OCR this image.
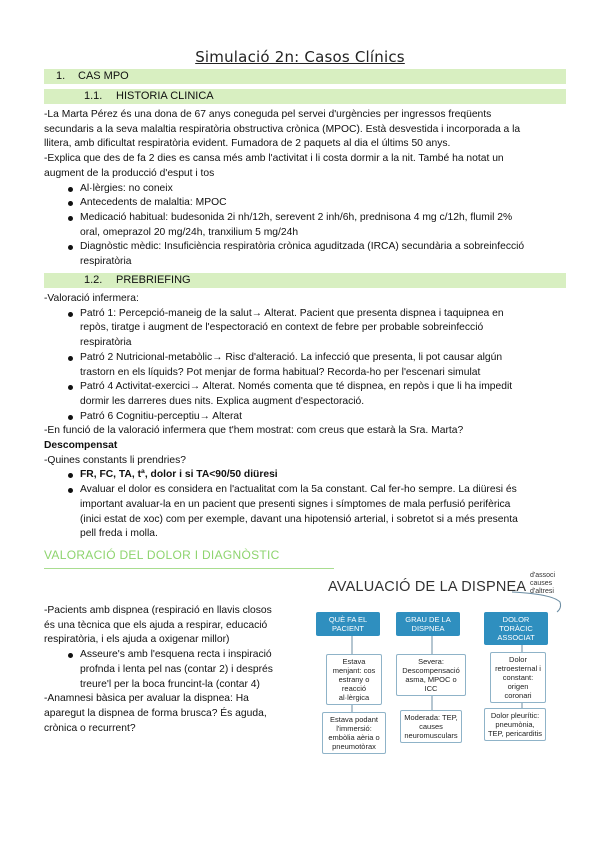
Simulació 2n: Casos Clínics
1. CAS MPO
1.1. HISTORIA CLINICA
-La Marta Pérez és una dona de 67 anys coneguda pel servei d'urgències per ingressos freqüents
secundaris a la seva malaltia respiratòria obstructiva crònica (MPOC). Està desvestida i incorporada a la
llitera, amb dificultat respiratòria evident. Fumadora de 2 paquets al dia el últims 50 anys.
-Explica que des de fa 2 dies es cansa més amb l'activitat i li costa dormir a la nit. També ha notat un
augment de la producció d'esput i tos
Al·lèrgies: no coneix
Antecedents de malaltia: MPOC
Medicació habitual: budesonida 2i nh/12h, serevent 2 inh/6h, prednisona 4 mg c/12h, flumil 2%
oral, omeprazol 20 mg/24h, tranxilium 5 mg/24h
Diagnòstic mèdic: Insuficiència respiratòria crònica aguditzada (IRCA) secundària a sobreinfecció
respiratòria
1.2. PREBRIEFING
-Valoració infermera:
Patró 1: Percepció-maneig de la salut→ Alterat. Pacient que presenta dispnea i taquipnea en
repòs, tiratge i augment de l'espectoració en context de febre per probable sobreinfecció
respiratòria
Patró 2 Nutricional-metabòlic→ Risc d'alteració. La infecció que presenta, li pot causar algún
trastorn en els líquids? Pot menjar de forma habitual? Recorda-ho per l'escenari simulat
Patró 4 Activitat-exercici→ Alterat. Només comenta que té dispnea, en repòs i que li ha impedit
dormir les darreres dues nits. Explica augment d'espectoració.
Patró 6 Cognitiu-perceptiu→ Alterat
-En funció de la valoració infermera que t'hem mostrat: com creus que estarà la Sra. Marta?
Descompensat
-Quines constants li prendries?
FR, FC, TA, tª, dolor i si TA<90/50 diüresi
Avaluar el dolor es considera en l'actualitat com la 5a constant. Cal fer-ho sempre. La diüresi és
important avaluar-la en un pacient que presenti signes i símptomes de mala perfusió perifèrica
(inici estat de xoc) com per exemple, davant una hipotensió arterial, i sobretot si a més presenta
pell freda i molla.
VALORACIÓ DEL DOLOR I DIAGNÒSTIC
-Pacients amb dispnea (respiració en llavis closos
és una tècnica que els ajuda a respirar, educació
respiratòria, i els ajuda a oxigenar millor)
Asseure's amb l'esquena recta i inspiració
profnda i lenta pel nas (contar 2) i després
treure'l per la boca fruncint-la (contar 4)
-Anamnesi bàsica per avaluar la dispnea: Ha
aparegut la dispnea de forma brusca? És aguda,
crònica o recurrent?
AVALUACIÓ DE LA DISPNEA
d'associ causes d'altresi
QUÈ FA EL PACIENT
GRAU DE LA DISPNEA
DOLOR TORÀCIC ASSOCIAT
Estava menjant: cos estrany o reacció al·lèrgica
Estava podant l'immersió: embòlia aèria o pneumotòrax
Severa: Descompensació asma, MPOC o ICC
Moderada: TEP, causes neuromusculars
Dolor retroesternal i constant: origen coronari
Dolor pleurític: pneumònia, TEP, pericarditis
